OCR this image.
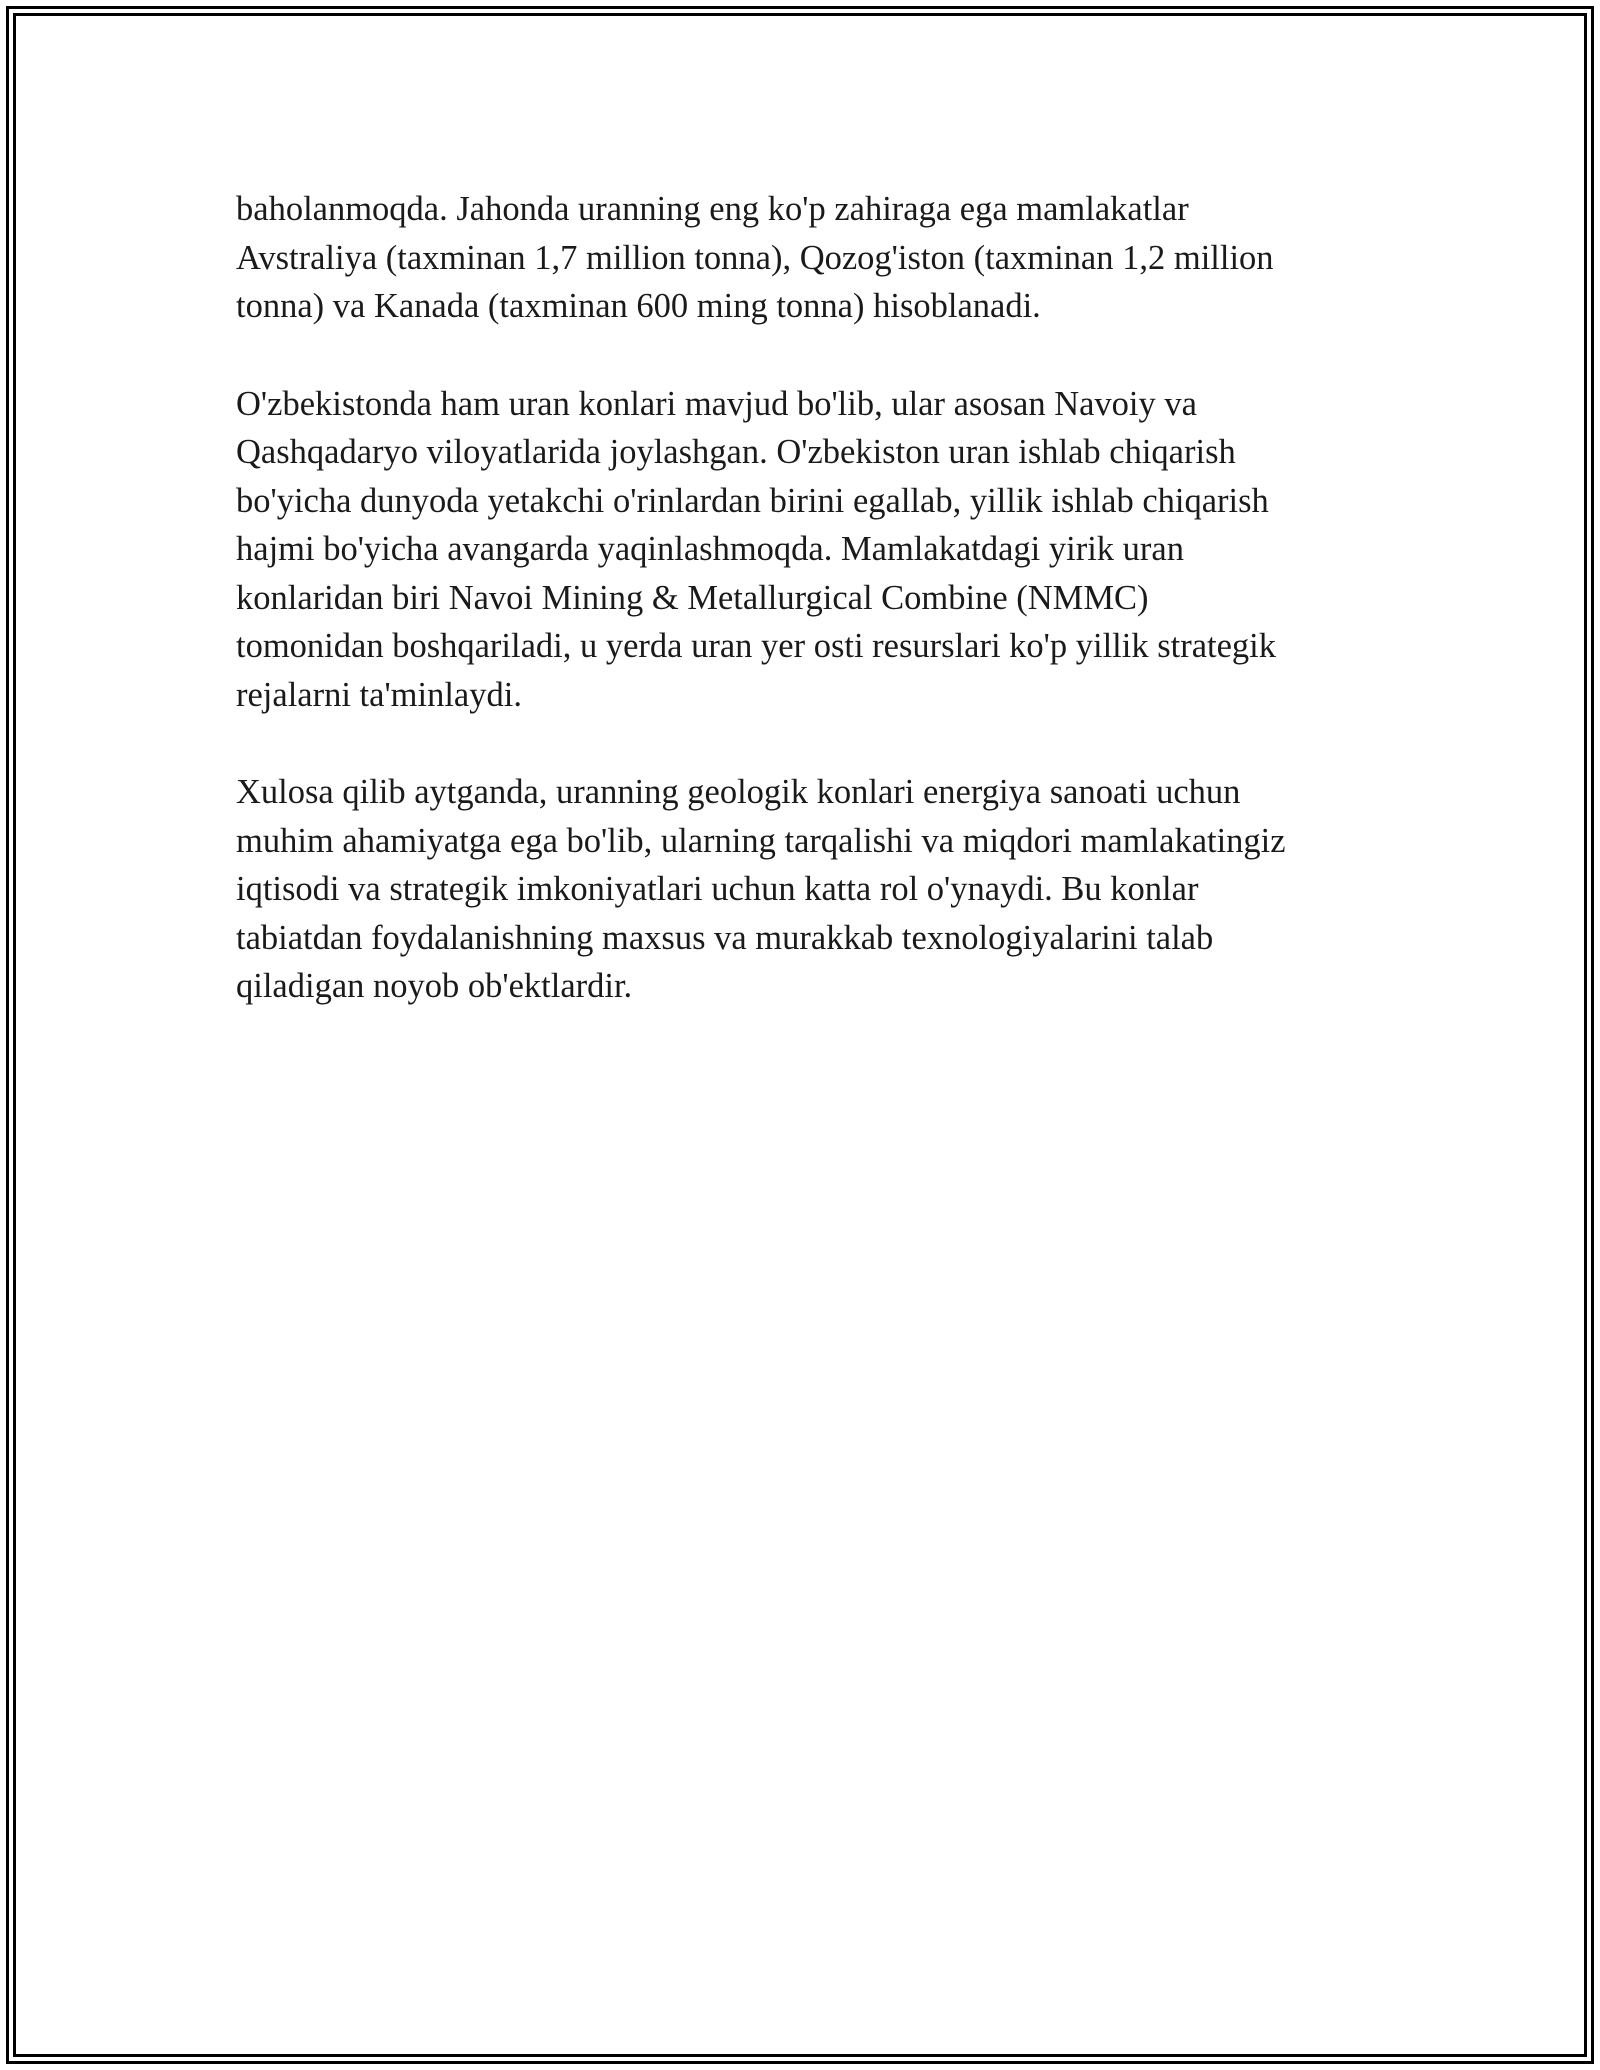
baholanmoqda. Jahonda uranning eng ko'p zahiraga ega mamlakatlar
Avstraliya (taxminan 1,7 million tonna), Qozog'iston (taxminan 1,2 million
tonna) va Kanada (taxminan 600 ming tonna) hisoblanadi.

O'zbekistonda ham uran konlari mavjud bo'lib, ular asosan Navoiy va
Qashqadaryo viloyatlarida joylashgan. O'zbekiston uran ishlab chiqarish
bo'yicha dunyoda yetakchi o'rinlardan birini egallab, yillik ishlab chiqarish
hajmi bo'yicha avangarda yaqinlashmoqda. Mamlakatdagi yirik uran
konlaridan biri Navoi Mining & Metallurgical Combine (NMMC)
tomonidan boshqariladi, u yerda uran yer osti resurslari ko'p yillik strategik
rejalarni ta'minlaydi.

Xulosa qilib aytganda, uranning geologik konlari energiya sanoati uchun
muhim ahamiyatga ega bo'lib, ularning tarqalishi va miqdori mamlakatingiz
iqtisodi va strategik imkoniyatlari uchun katta rol o'ynaydi. Bu konlar
tabiatdan foydalanishning maxsus va murakkab texnologiyalarini talab
qiladigan noyob ob'ektlardir.
